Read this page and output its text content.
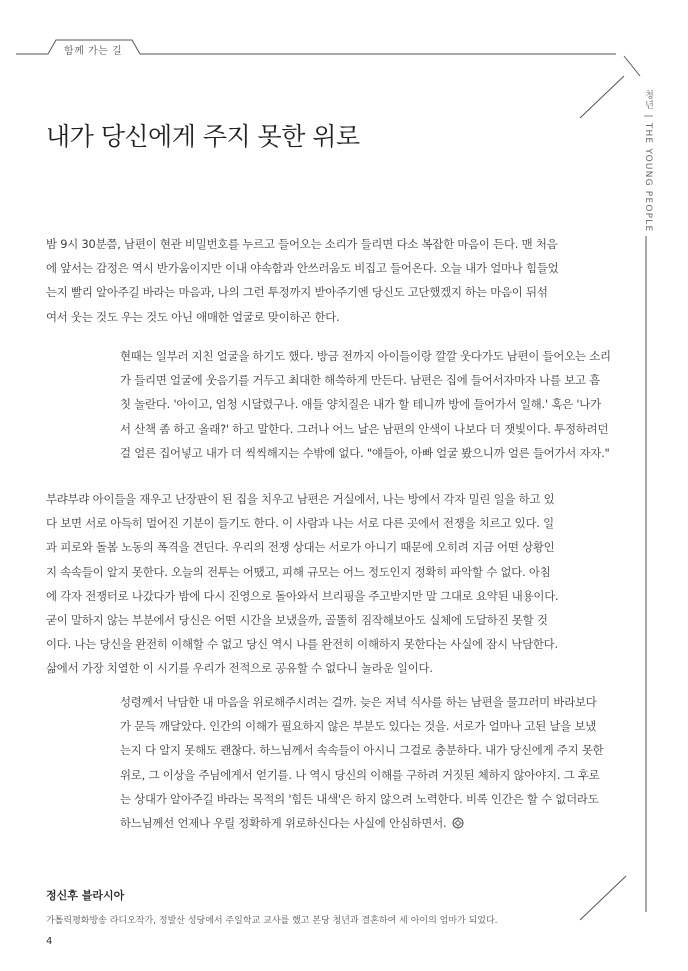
함께 가는 길
청년 | THE YOUNG PEOPLE
내가 당신에게 주지 못한 위로
밤 9시 30분쯤, 남편이 현관 비밀번호를 누르고 들어오는 소리가 들리면 다소 복잡한 마음이 든다. 맨 처음
에 앞서는 감정은 역시 반가움이지만 이내 야속함과 안쓰러움도 비집고 들어온다. 오늘 내가 얼마나 힘들었
는지 빨리 알아주길 바라는 마음과, 나의 그런 투정까지 받아주기엔 당신도 고단했겠지 하는 마음이 뒤섞
여서 웃는 것도 우는 것도 아닌 애매한 얼굴로 맞이하곤 한다.
현때는 일부러 지친 얼굴을 하기도 했다. 방금 전까지 아이들이랑 깔깔 웃다가도 남편이 들어오는 소리
가 들리면 얼굴에 웃음기를 거두고 최대한 해쓱하게 만든다. 남편은 집에 들어서자마자 나를 보고 흠
칫 놀란다. '아이고, 엄청 시달렸구나. 애들 양치질은 내가 할 테니까 방에 들어가서 일해.' 혹은 '나가
서 산책 좀 하고 올래?' 하고 말한다. 그러나 어느 날은 남편의 안색이 나보다 더 잿빛이다. 투정하려던
걸 얼른 집어넣고 내가 더 씩씩해지는 수밖에 없다. "얘들아, 아빠 얼굴 봤으니까 얼른 들어가서 자자."
부랴부랴 아이들을 재우고 난장판이 된 집을 치우고 남편은 거실에서, 나는 방에서 각자 밀린 일을 하고 있
다 보면 서로 아득히 멀어진 기분이 들기도 한다. 이 사람과 나는 서로 다른 곳에서 전쟁을 치르고 있다. 일
과 피로와 돌봄 노동의 폭격을 견딘다. 우리의 전쟁 상대는 서로가 아니기 때문에 오히려 지금 어떤 상황인
지 속속들이 알지 못한다. 오늘의 전투는 어땠고, 피해 규모는 어느 정도인지 정확히 파악할 수 없다. 아침
에 각자 전쟁터로 나갔다가 밤에 다시 진영으로 돌아와서 브리핑을 주고받지만 말 그대로 요약된 내용이다.
굳이 말하지 않는 부분에서 당신은 어떤 시간을 보냈을까, 골똘히 짐작해보아도 실체에 도달하진 못할 것
이다. 나는 당신을 완전히 이해할 수 없고 당신 역시 나를 완전히 이해하지 못한다는 사실에 잠시 낙담한다.
삶에서 가장 치열한 이 시기를 우리가 전적으로 공유할 수 없다니 놀라운 일이다.
성령께서 낙담한 내 마음을 위로해주시려는 걸까. 늦은 저녁 식사를 하는 남편을 물끄러미 바라보다
가 문득 깨달았다. 인간의 이해가 필요하지 않은 부분도 있다는 것을. 서로가 얼마나 고된 날을 보냈
는지 다 알지 못해도 괜찮다. 하느님께서 속속들이 아시니 그걸로 충분하다. 내가 당신에게 주지 못한
위로, 그 이상을 주님에게서 얻기를. 나 역시 당신의 이해를 구하려 거짓된 체하지 않아야지. 그 후로
는 상대가 알아주길 바라는 목적의 '힘든 내색'은 하지 않으려 노력한다. 비록 인간은 할 수 없더라도
하느님께선 언제나 우릴 정확하게 위로하신다는 사실에 안심하면서.
정신후 블라시아
가톨릭평화방송 라디오작가, 정발산 성당에서 주일학교 교사를 했고 본당 청년과 결혼하여 세 아이의 엄마가 되었다.
4
